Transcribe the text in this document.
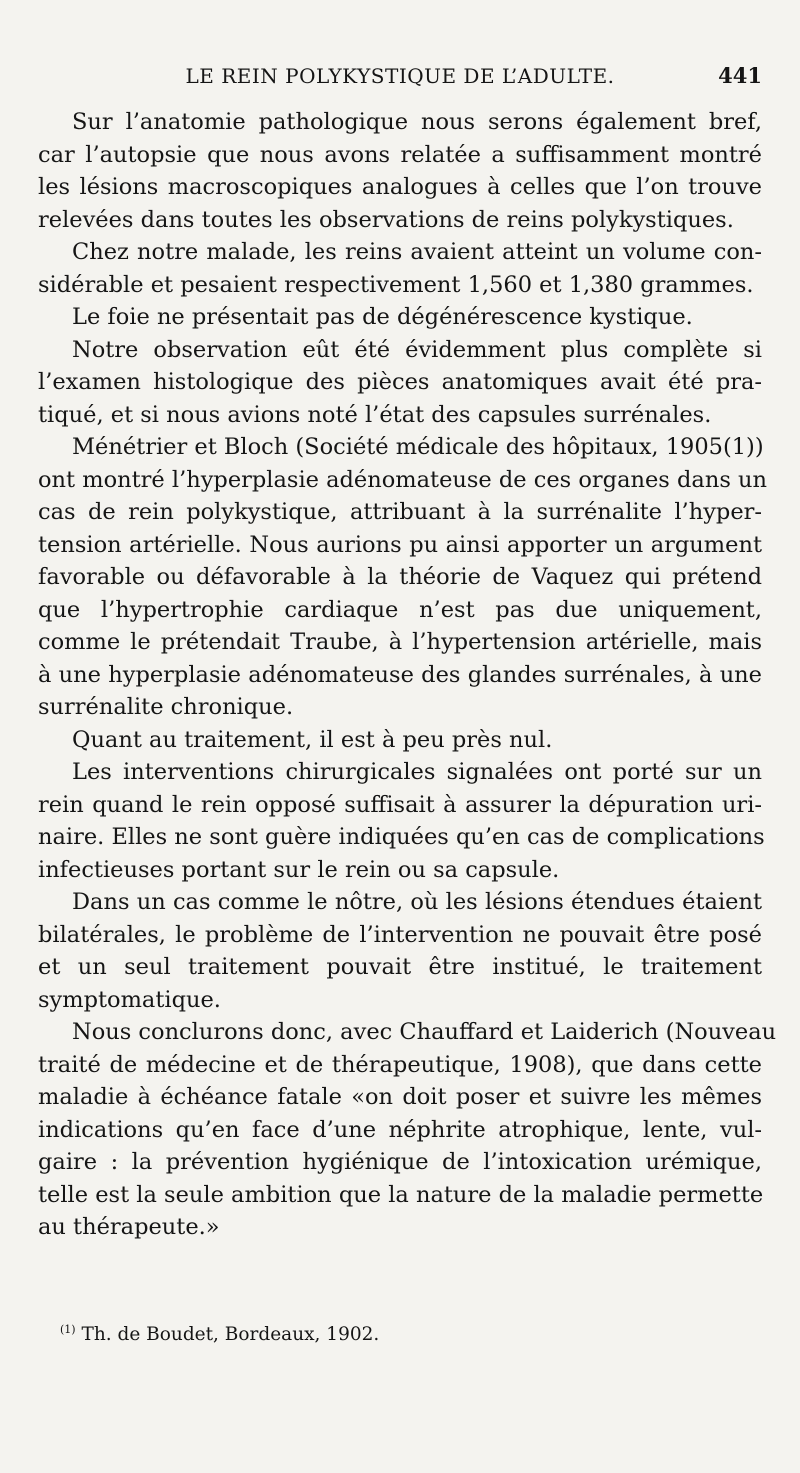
LE REIN POLYKYSTIQUE DE L’ADULTE.	441
Sur l’anatomie pathologique nous serons également bref,
car l’autopsie que nous avons relatée a suffisamment montré
les lésions macroscopiques analogues à celles que l’on trouve
relevées dans toutes les observations de reins polykystiques.
Chez notre malade, les reins avaient atteint un volume con-
sidérable et pesaient respectivement 1,560 et 1,380 grammes.
Le foie ne présentait pas de dégénérescence kystique.
Notre observation eût été évidemment plus complète si
l’examen histologique des pièces anatomiques avait été pra-
tiqué, et si nous avions noté l’état des capsules surrénales.
Ménétrier et Bloch (Société médicale des hôpitaux, 1905(1))
ont montré l’hyperplasie adénomateuse de ces organes dans un
cas de rein polykystique, attribuant à la surrénalite l’hyper-
tension artérielle. Nous aurions pu ainsi apporter un argument
favorable ou défavorable à la théorie de Vaquez qui prétend
que l’hypertrophie cardiaque n’est pas due uniquement,
comme le prétendait Traube, à l’hypertension artérielle, mais
à une hyperplasie adénomateuse des glandes surrénales, à une
surrénalite chronique.
Quant au traitement, il est à peu près nul.
Les interventions chirurgicales signalées ont porté sur un
rein quand le rein opposé suffisait à assurer la dépuration uri-
naire. Elles ne sont guère indiquées qu’en cas de complications
infectieuses portant sur le rein ou sa capsule.
Dans un cas comme le nôtre, où les lésions étendues étaient
bilatérales, le problème de l’intervention ne pouvait être posé
et un seul traitement pouvait être institué, le traitement
symptomatique.
Nous conclurons donc, avec Chauffard et Laiderich (Nouveau
traité de médecine et de thérapeutique, 1908), que dans cette
maladie à échéance fatale «on doit poser et suivre les mêmes
indications qu’en face d’une néphrite atrophique, lente, vul-
gaire : la prévention hygiénique de l’intoxication urémique,
telle est la seule ambition que la nature de la maladie permette
au thérapeute.»
$^{(1)}$ Th. de Boudet, Bordeaux, 1902.
